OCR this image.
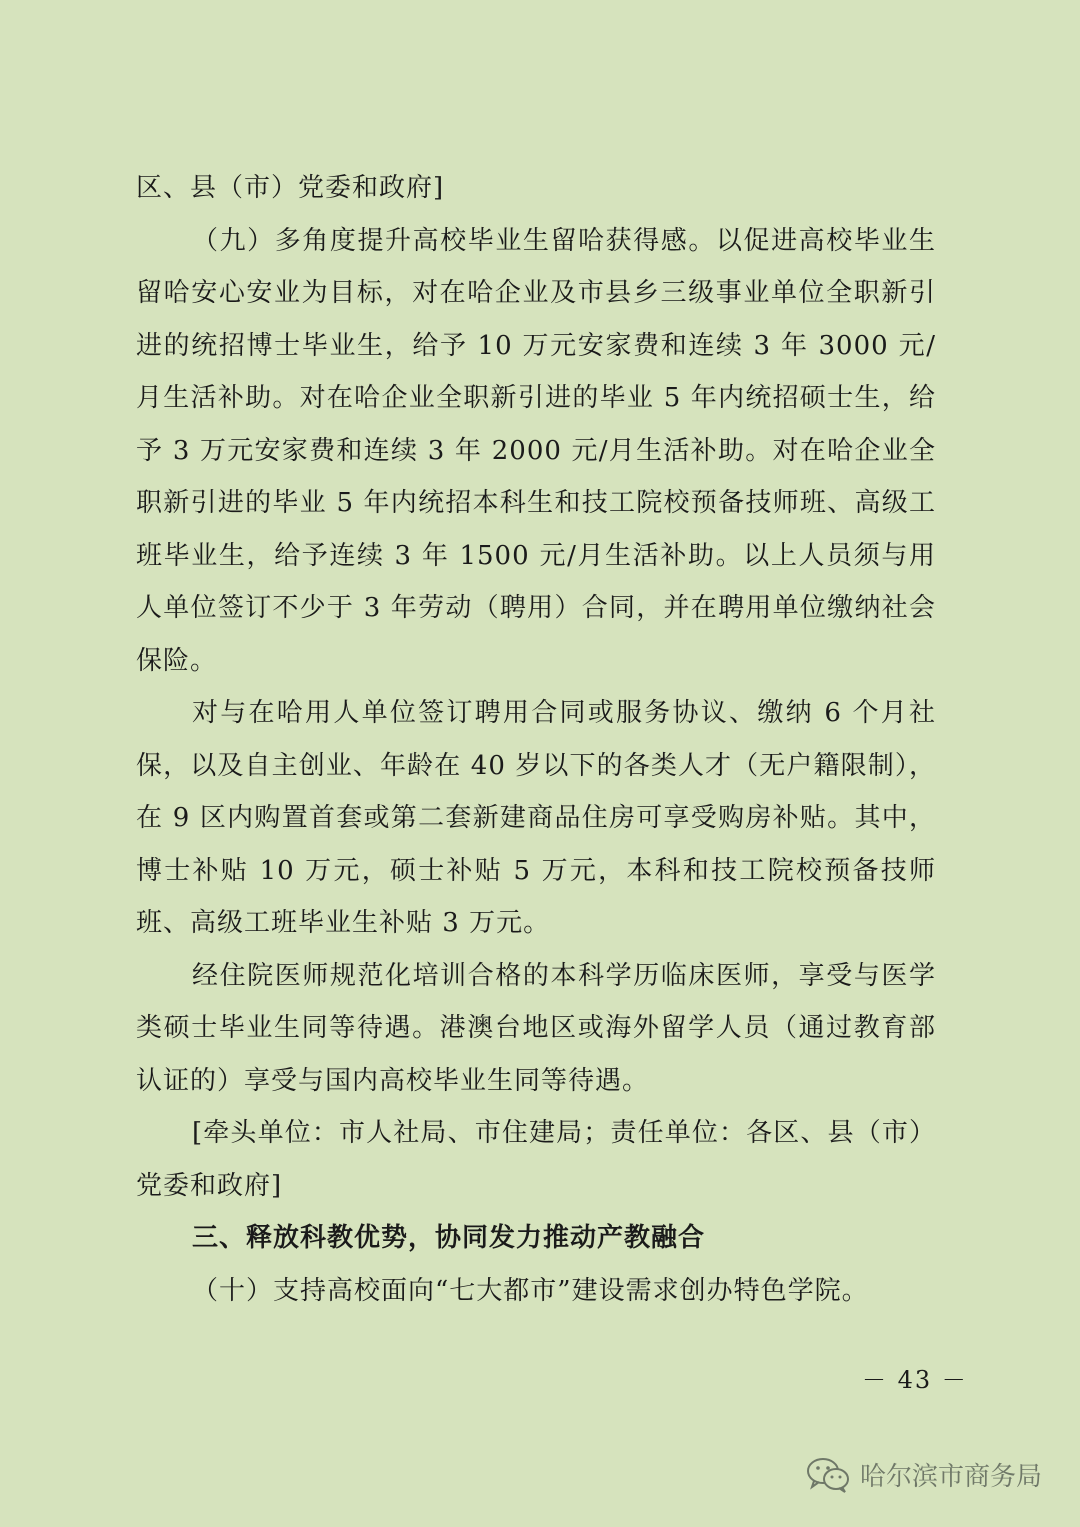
区、县（市）党委和政府]

（九）多角度提升高校毕业生留哈获得感。以促进高校毕业生留哈安心安业为目标，对在哈企业及市县乡三级事业单位全职新引进的统招博士毕业生，给予 10 万元安家费和连续 3 年 3000 元/月生活补助。对在哈企业全职新引进的毕业 5 年内统招硕士生，给予 3 万元安家费和连续 3 年 2000 元/月生活补助。对在哈企业全职新引进的毕业 5 年内统招本科生和技工院校预备技师班、高级工班毕业生，给予连续 3 年 1500 元/月生活补助。以上人员须与用人单位签订不少于 3 年劳动（聘用）合同，并在聘用单位缴纳社会保险。

对与在哈用人单位签订聘用合同或服务协议、缴纳 6 个月社保，以及自主创业、年龄在 40 岁以下的各类人才（无户籍限制），在 9 区内购置首套或第二套新建商品住房可享受购房补贴。其中，博士补贴 10 万元，硕士补贴 5 万元，本科和技工院校预备技师班、高级工班毕业生补贴 3 万元。

经住院医师规范化培训合格的本科学历临床医师，享受与医学类硕士毕业生同等待遇。港澳台地区或海外留学人员（通过教育部认证的）享受与国内高校毕业生同等待遇。

[牵头单位：市人社局、市住建局；责任单位：各区、县（市）党委和政府]

三、释放科教优势，协同发力推动产教融合

（十）支持高校面向“七大都市”建设需求创办特色学院。

－ 43 －
哈尔滨市商务局
